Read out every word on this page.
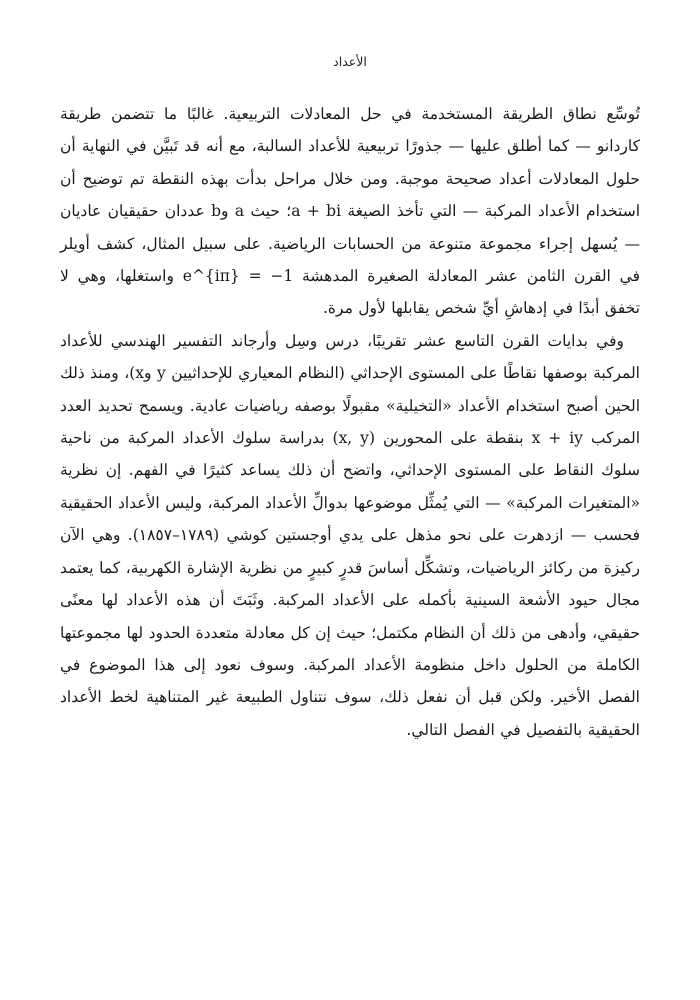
الأعداد

تُوسِّع نطاق الطريقة المستخدمة في حل المعادلات التربيعية. غالبًا ما تتضمن طريقة كاردانو — كما أطلق عليها — جذورًا تربيعية للأعداد السالبة، مع أنه قد تَبيَّن في النهاية أن حلول المعادلات أعداد صحيحة موجبة. ومن خلال مراحل بدأت بهذه النقطة تم توضيح أن استخدام الأعداد المركبة — التي تأخذ الصيغة a + bi؛ حيث a وb عددان حقيقيان عاديان — يُسهل إجراء مجموعة متنوعة من الحسابات الرياضية. على سبيل المثال، كشف أويلر في القرن الثامن عشر المعادلة الصغيرة المدهشة e^{iπ} = −1 واستغلها، وهي لا تخفق أبدًا في إدهاشِ أيِّ شخص يقابلها لأول مرة.

وفي بدايات القرن التاسع عشر تقريبًا، درس وسِل وأرجاند التفسير الهندسي للأعداد المركبة بوصفها نقاطًا على المستوى الإحداثي (النظام المعياري للإحداثيين y وx)، ومنذ ذلك الحين أصبح استخدام الأعداد «التخيلية» مقبولًا بوصفه رياضيات عادية. ويسمح تحديد العدد المركب x + iy بنقطة على المحورين (x, y) بدراسة سلوك الأعداد المركبة من ناحية سلوك النقاط على المستوى الإحداثي، واتضح أن ذلك يساعد كثيرًا في الفهم. إن نظرية «المتغيرات المركبة» — التي يُمثِّل موضوعها بدوالِّ الأعداد المركبة، وليس الأعداد الحقيقية فحسب — ازدهرت على نحو مذهل على يدي أوجستين كوشي (١٧٨٩–١٨٥٧). وهي الآن ركيزة من ركائز الرياضيات، وتشكِّل أساسَ قدرٍ كبيرٍ من نظرية الإشارة الكهربية، كما يعتمد مجال حيود الأشعة السينية بأكمله على الأعداد المركبة. وثَبَتَ أن هذه الأعداد لها معنًى حقيقي، وأدهى من ذلك أن النظام مكتمل؛ حيث إن كل معادلة متعددة الحدود لها مجموعتها الكاملة من الحلول داخل منظومة الأعداد المركبة. وسوف نعود إلى هذا الموضوع في الفصل الأخير. ولكن قبل أن نفعل ذلك، سوف نتناول الطبيعة غير المتناهية لخط الأعداد الحقيقية بالتفصيل في الفصل التالي.
